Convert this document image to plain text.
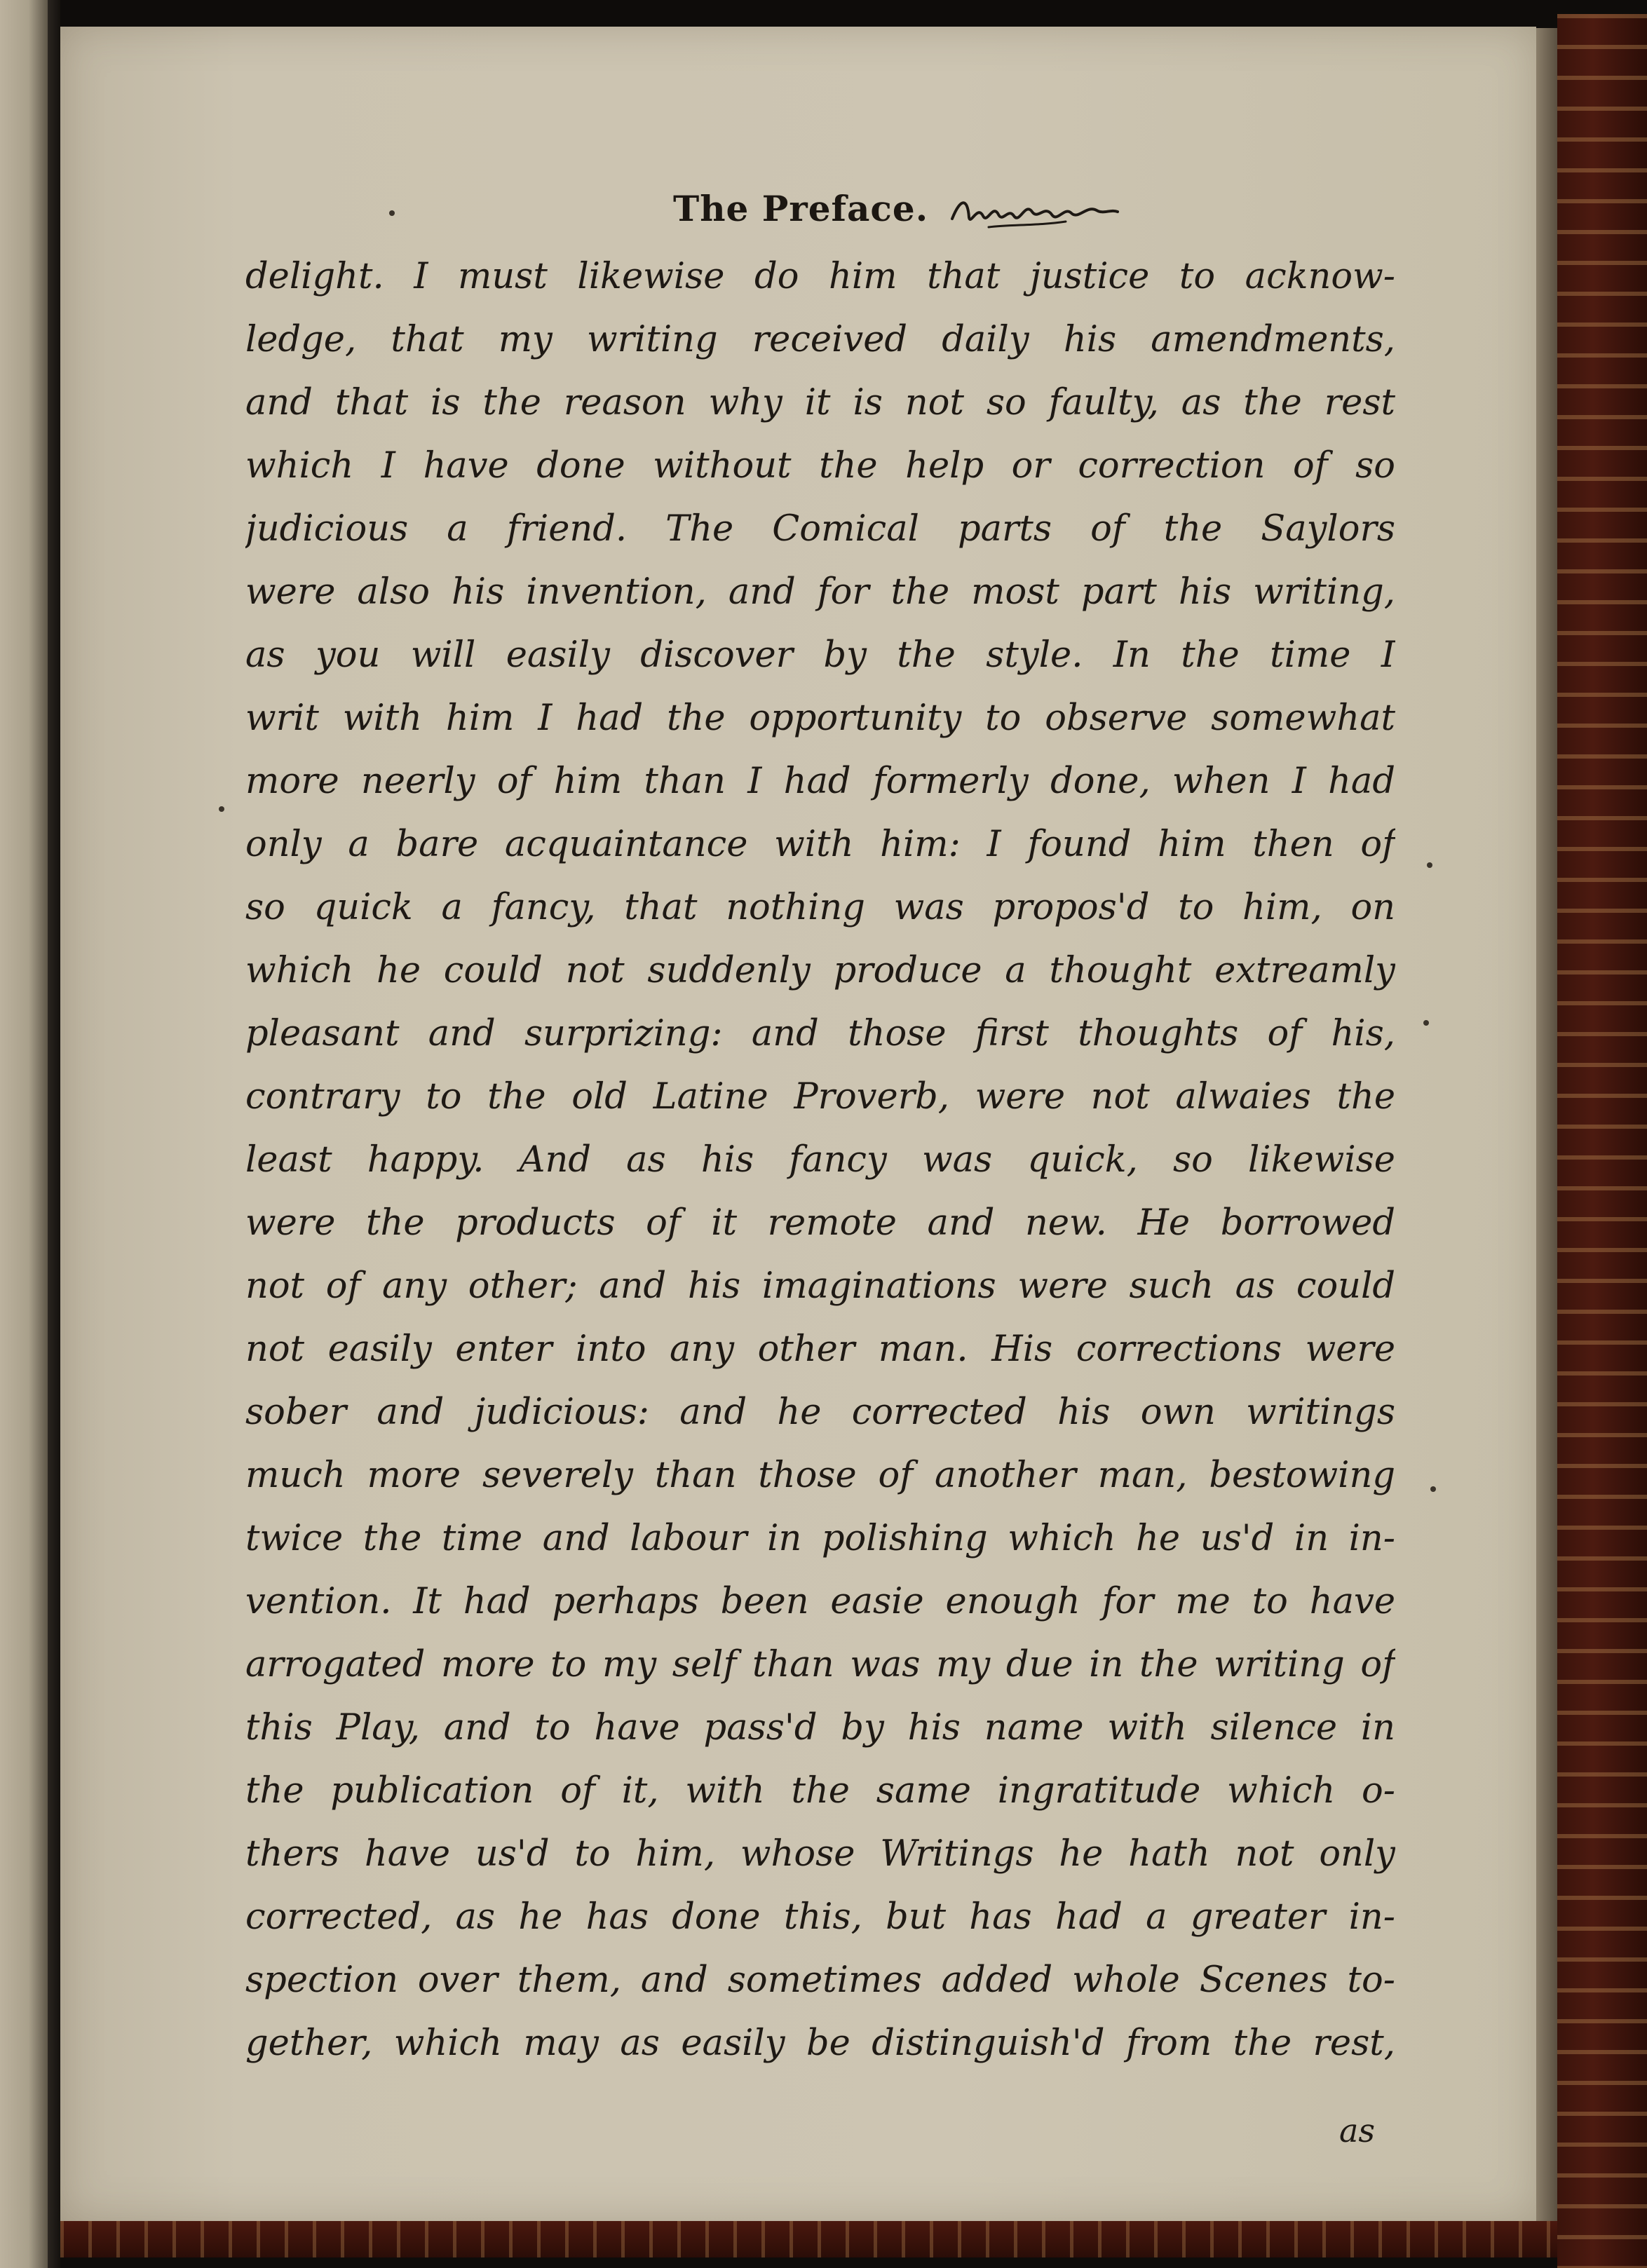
The Preface.
delight. I must likewise do him that justice to acknow-
ledge, that my writing received daily his amendments,
and that is the reason why it is not so faulty, as the rest
which I have done without the help or correction of so
judicious a friend. The Comical parts of the Saylors
were also his invention, and for the most part his writing,
as you will easily discover by the style. In the time I
writ with him I had the opportunity to observe somewhat
more neerly of him than I had formerly done, when I had
only a bare acquaintance with him: I found him then of
so quick a fancy, that nothing was propos'd to him, on
which he could not suddenly produce a thought extreamly
pleasant and surprizing: and those first thoughts of his,
contrary to the old Latine Proverb, were not alwaies the
least happy. And as his fancy was quick, so likewise
were the products of it remote and new. He borrowed
not of any other; and his imaginations were such as could
not easily enter into any other man. His corrections were
sober and judicious: and he corrected his own writings
much more severely than those of another man, bestowing
twice the time and labour in polishing which he us'd in in-
vention. It had perhaps been easie enough for me to have
arrogated more to my self than was my due in the writing of
this Play, and to have pass'd by his name with silence in
the publication of it, with the same ingratitude which o-
thers have us'd to him, whose Writings he hath not only
corrected, as he has done this, but has had a greater in-
spection over them, and sometimes added whole Scenes to-
gether, which may as easily be distinguish'd from the rest,
as
